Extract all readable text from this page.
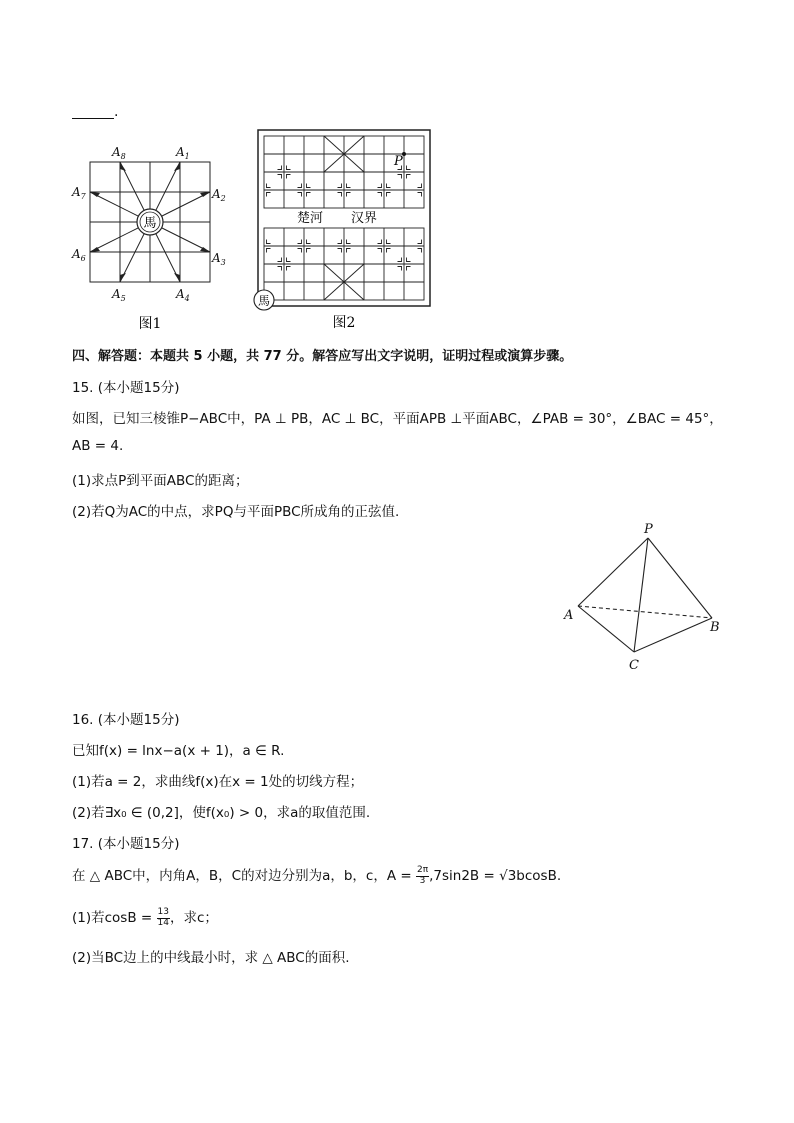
.
馬
$A_1$
$A_2$
$A_3$
$A_4$
$A_5$
$A_6$
$A_7$
$A_8$
图1
楚河 汉界
P
馬
图2
四、解答题：本题共 5 小题，共 77 分。解答应写出文字说明，证明过程或演算步骤。
15. (本小题15分)
如图，已知三棱锥P−ABC中，PA ⊥ PB，AC ⊥ BC，平面APB ⊥平面ABC，∠PAB = 30°，∠BAC = 45°，
AB = 4.
(1)求点P到平面ABC的距离；
(2)若Q为AC的中点，求PQ与平面PBC所成角的正弦值.
P
A
B
C
16. (本小题15分)
已知f(x) = lnx−a(x + 1)，a ∈ R.
(1)若a = 2，求曲线f(x)在x = 1处的切线方程；
(2)若∃x₀ ∈ (0,2]，使f(x₀) > 0，求a的取值范围.
17. (本小题15分)
在 △ ABC中，内角A，B，C的对边分别为a，b，c，$A = \frac{2\pi}{3} ,7\sin 2B = √3bcosB$.
(1)若$\cos B = \frac{13}{14}$ ，求c；
(2)当BC边上的中线最小时，求 △ ABC的面积.
